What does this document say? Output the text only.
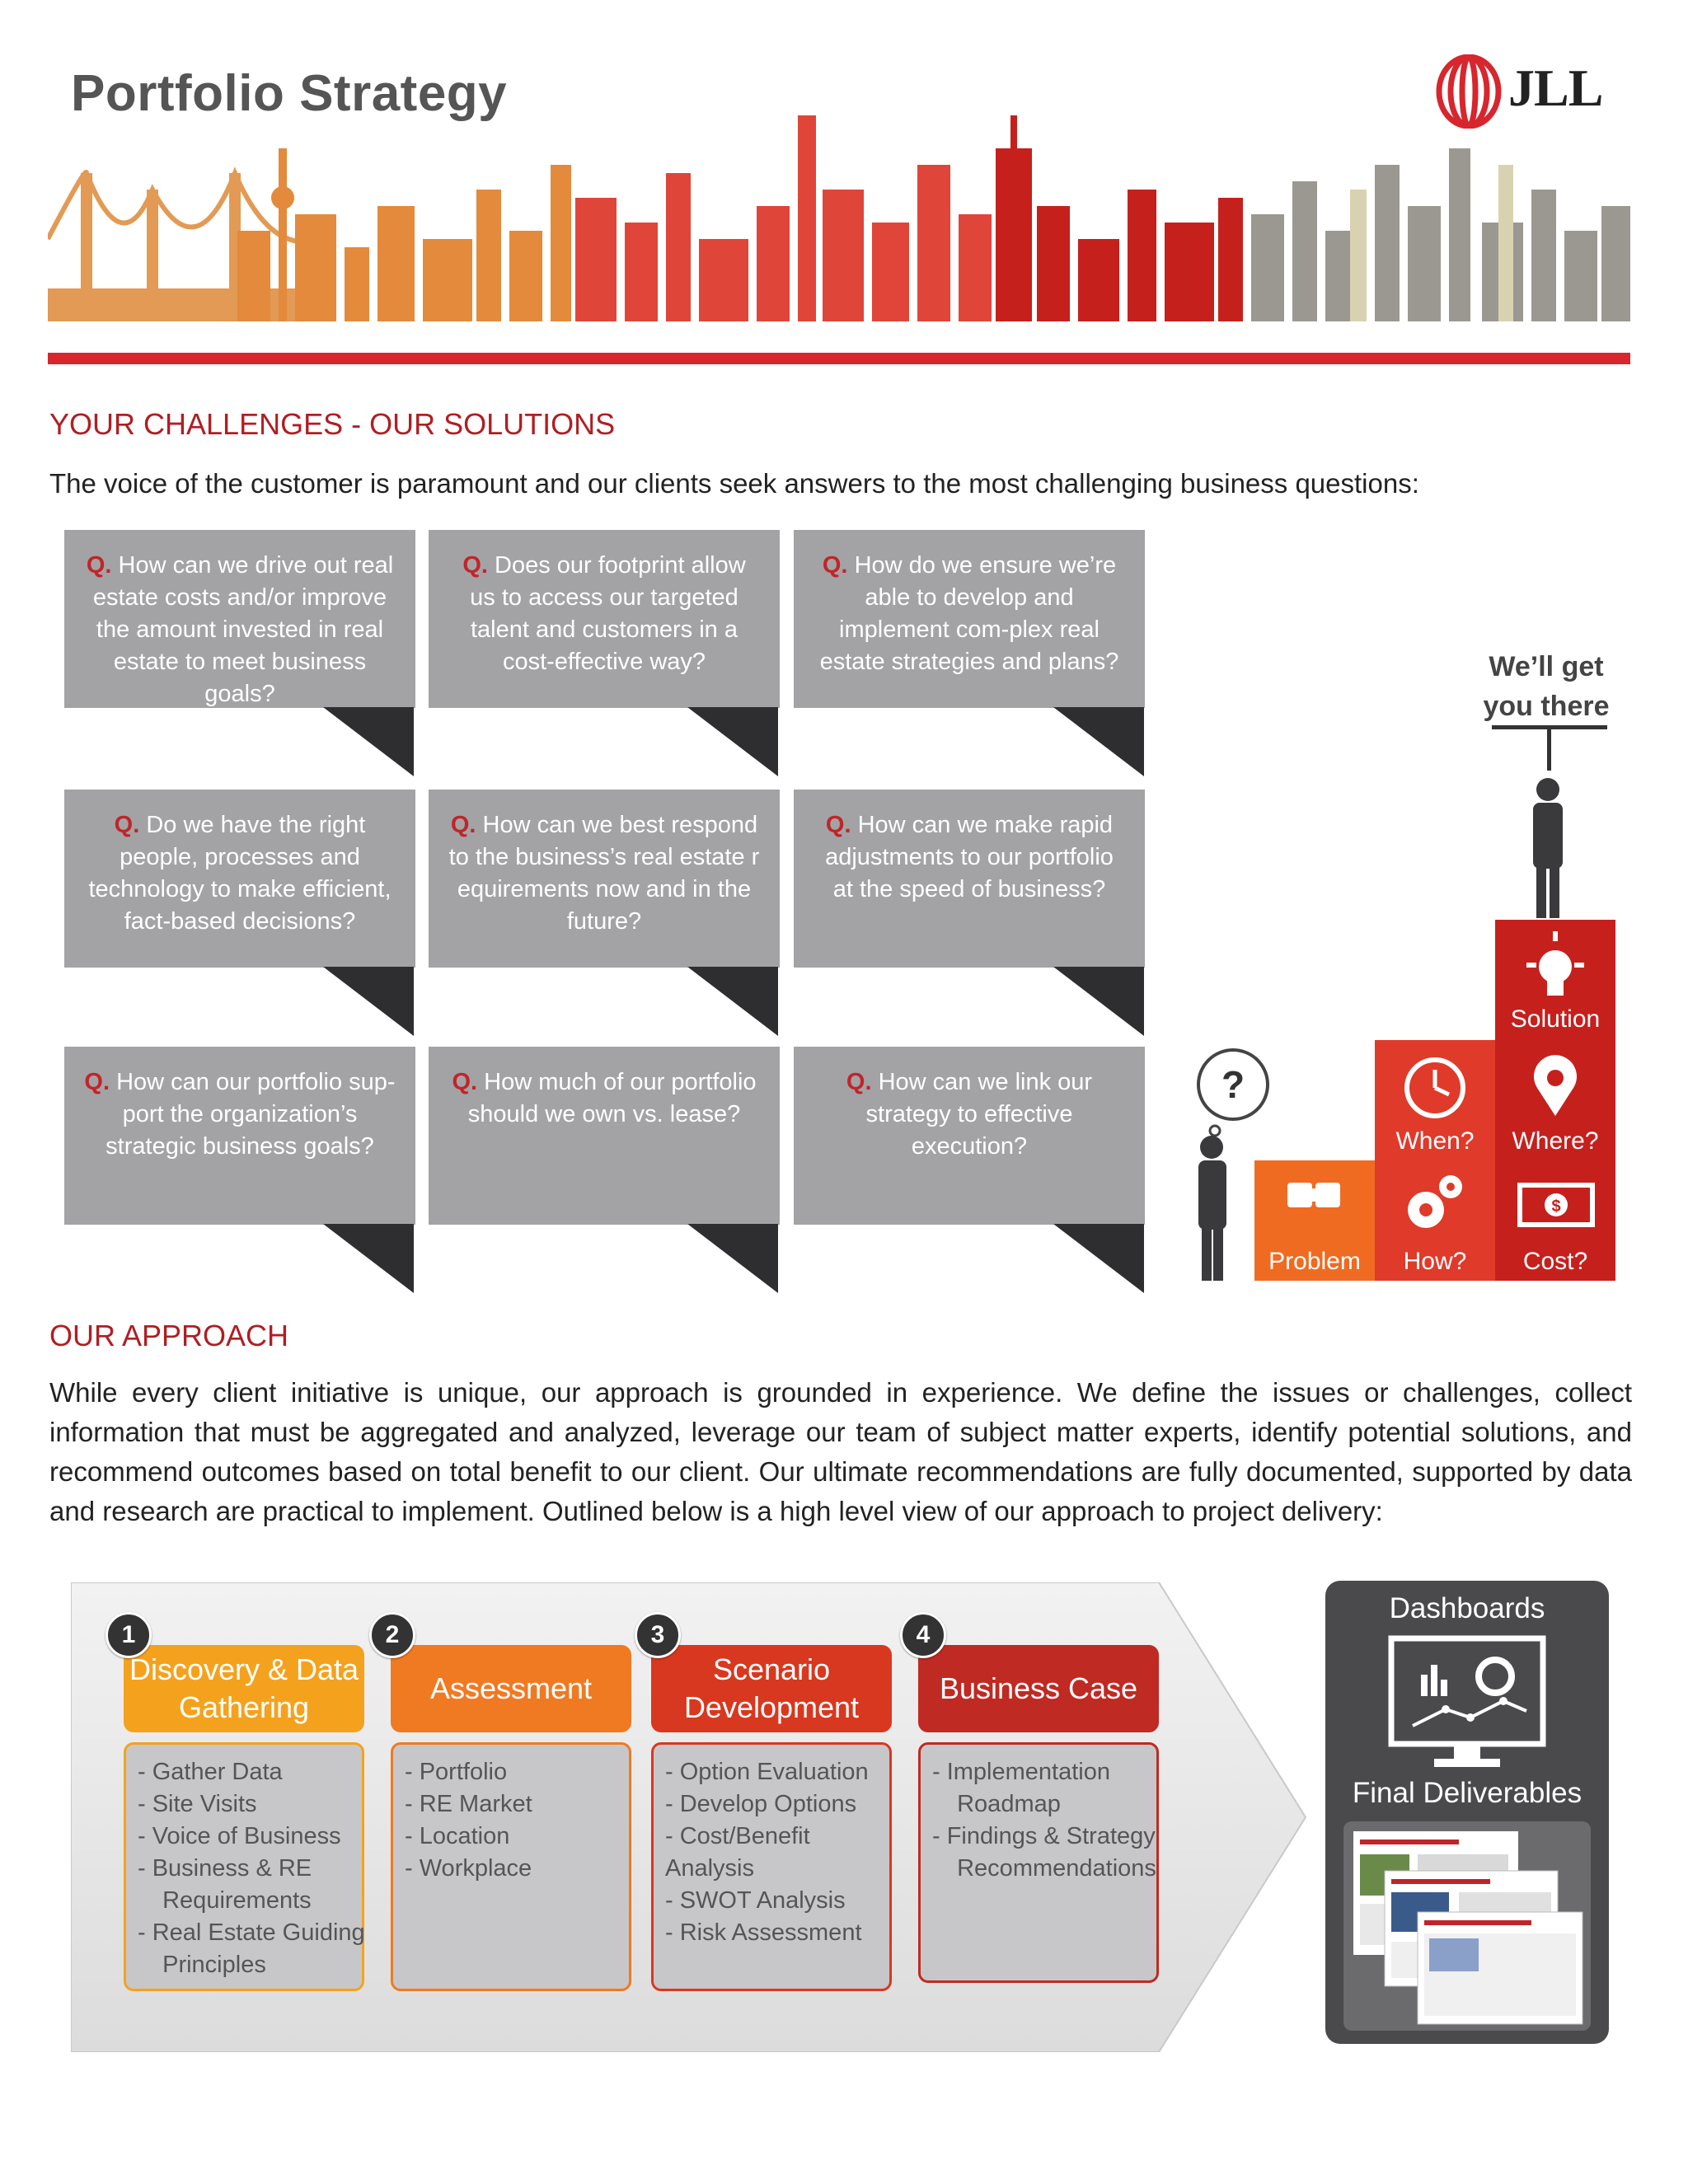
Portfolio Strategy	JLL
YOUR CHALLENGES - OUR SOLUTIONS
The voice of the customer is paramount and our clients seek answers to the most challenging business questions:
Q. How can we drive out real estate costs and/or improve the amount invested in real estate to meet business goals?
Q. Does our footprint allow us to access our targeted talent and customers in a cost-effective way?
Q. How do we ensure we’re able to develop and implement com-plex real estate strategies and plans?
Q. Do we have the right people, processes and technology to make efficient, fact-based decisions?
Q. How can we best respond to the business’s real estate r equirements now and in the future?
Q. How can we make rapid adjustments to our portfolio at the speed of business?
Q. How can our portfolio sup-port the organization’s strategic business goals?
Q. How much of our portfolio should we own vs. lease?
Q. How can we link our strategy to effective execution?
We’ll get
you there
$
Solution
When? Where?
Problem How? Cost?
?
OUR APPROACH
While every client initiative is unique, our approach is grounded in experience. We define the issues or challenges, collect information that must be aggregated and analyzed, leverage our team of subject matter experts, identify potential solutions, and recommend outcomes based on total benefit to our client. Our ultimate recommendations are fully documented, supported by data and research are practical to implement. Outlined below is a high level view of our approach to project delivery:
Discovery & Data Gathering
1
- Gather Data
- Site Visits
- Voice of Business
- Business & RE
Requirements
- Real Estate Guiding
Principles
Assessment
2
- Portfolio
- RE Market
- Location
- Workplace
Scenario Development
3
- Option Evaluation
- Develop Options
- Cost/Benefit
Analysis
- SWOT Analysis
- Risk Assessment
Business Case
4
- Implementation
Roadmap
- Findings & Strategy
Recommendations
Dashboards
Final Deliverables
